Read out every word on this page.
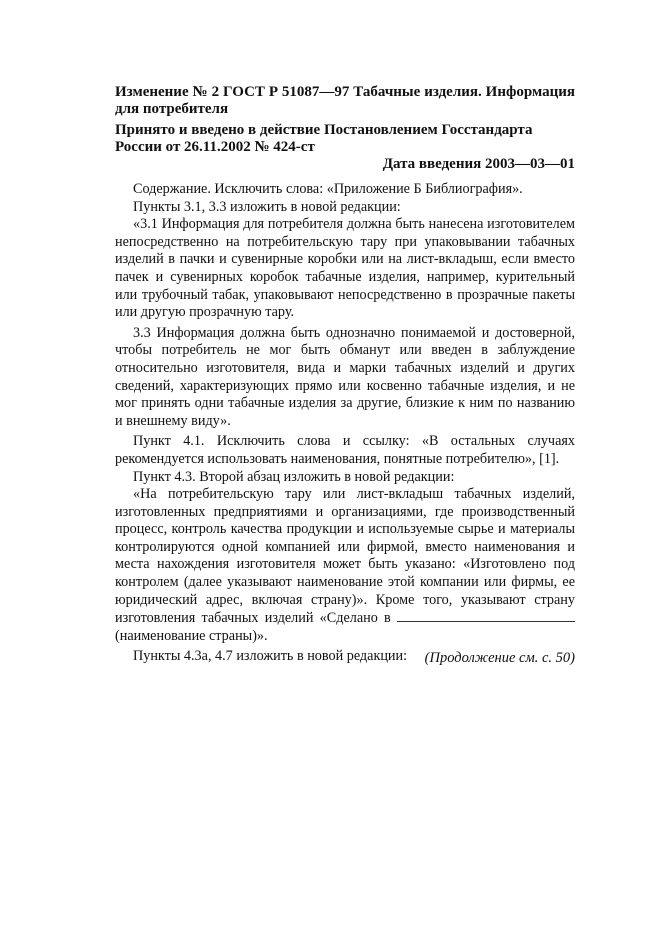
Изменение № 2 ГОСТ Р 51087—97 Табачные изделия. Информация для потребителя
Принято и введено в действие Постановлением Госстандарта России от 26.11.2002 № 424-ст
Дата введения 2003—03—01

Содержание. Исключить слова: «Приложение Б Библиография».

Пункты 3.1, 3.3 изложить в новой редакции:

«3.1 Информация для потребителя должна быть нанесена изготовителем непосредственно на потребительскую тару при упаковывании табачных изделий в пачки и сувенирные коробки или на лист-вкладыш, если вместо пачек и сувенирных коробок табачные изделия, например, курительный или трубочный табак, упаковывают непосредственно в прозрачные пакеты или другую прозрачную тару.

3.3 Информация должна быть однозначно понимаемой и достоверной, чтобы потребитель не мог быть обманут или введен в заблуждение относительно изготовителя, вида и марки табачных изделий и других сведений, характеризующих прямо или косвенно табачные изделия, и не мог принять одни табачные изделия за другие, близкие к ним по названию и внешнему виду».

Пункт 4.1. Исключить слова и ссылку: «В остальных случаях рекомендуется использовать наименования, понятные потребителю», [1].

Пункт 4.3. Второй абзац изложить в новой редакции:

«На потребительскую тару или лист-вкладыш табачных изделий, изготовленных предприятиями и организациями, где производственный процесс, контроль качества продукции и используемые сырье и материалы контролируются одной компанией или фирмой, вместо наименования и места нахождения изготовителя может быть указано: «Изготовлено под контролем (далее указывают наименование этой компании или фирмы, ее юридический адрес, включая страну)». Кроме того, указывают страну изготовления табачных изделий «Сделано в  (наименование страны)».

Пункты 4.3а, 4.7 изложить в новой редакции:	(Продолжение см. с. 50)
